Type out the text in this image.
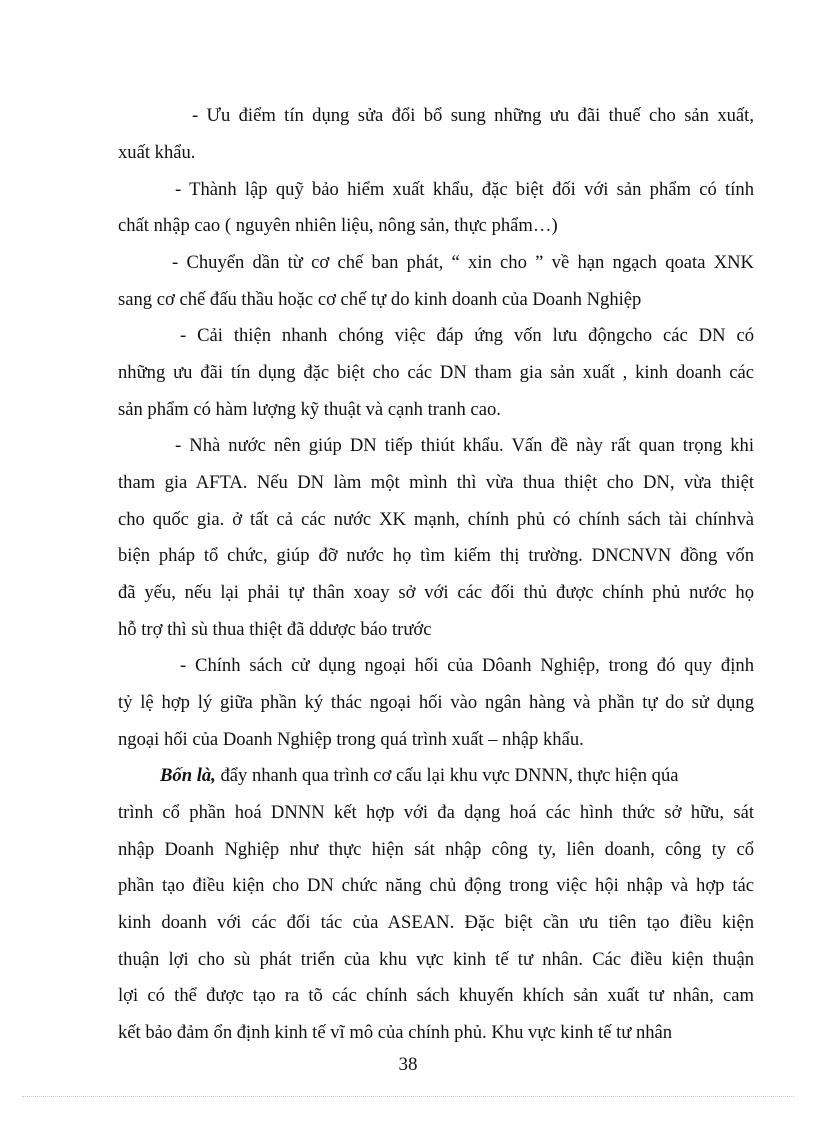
- Ưu điểm tín dụng sửa đổi bổ sung những ưu đãi thuế cho sản xuất,
xuất khẩu.
- Thành lập quỹ bảo hiểm xuất khẩu, đặc biệt đối với sản phẩm có tính
chất nhập cao ( nguyên nhiên liệu, nông sản, thực phẩm…)
- Chuyển dần từ cơ chế ban phát, “ xin cho ” về hạn ngạch qoata XNK
sang cơ chế đấu thầu hoặc cơ chế tự do kinh doanh của Doanh Nghiệp
- Cải thiện nhanh chóng việc đáp ứng vốn lưu độngcho các DN có
những ưu đãi tín dụng đặc biệt cho các DN tham gia sản xuất , kinh doanh các
sản phẩm có hàm lượng kỹ thuật và cạnh tranh cao.
- Nhà nước nên giúp DN tiếp thiút khẩu. Vấn đề này rất quan trọng khi
tham gia AFTA. Nếu DN làm một mình thì vừa thua thiệt cho DN, vừa thiệt
cho quốc gia. ở tất cả các nước XK mạnh, chính phủ có chính sách tài chínhvà
biện pháp tổ chức, giúp đỡ nước họ tìm kiếm thị trường. DNCNVN đồng vốn
đã yếu, nếu lại phải tự thân xoay sở với các đối thủ được chính phủ nước họ
hỗ trợ thì sù thua thiệt đã ddược báo trước
- Chính sách cử dụng ngoại hối của Dôanh Nghiệp, trong đó quy định
tỷ lệ hợp lý giữa phần ký thác ngoại hối vào ngân hàng và phần tự do sử dụng
ngoại hối của Doanh Nghiệp trong quá trình xuất – nhập khẩu.
Bốn là, đẩy nhanh qua trình cơ cấu lại khu vực DNNN, thực hiện qúa
trình cổ phần hoá DNNN kết hợp với đa dạng hoá các hình thức sở hữu, sát
nhập Doanh Nghiệp như thực hiện sát nhập công ty, liên doanh, công ty cổ
phần tạo điều kiện cho DN chức năng chủ động trong việc hội nhập và hợp tác
kinh doanh với các đối tác của ASEAN. Đặc biệt cần ưu tiên tạo điều kiện
thuận lợi cho sù phát triển của khu vực kinh tế tư nhân. Các điều kiện thuận
lợi có thể được tạo ra tõ các chính sách khuyến khích sản xuất tư nhân, cam
kết bảo đảm ổn định kinh tế vĩ mô của chính phủ. Khu vực kinh tế tư nhân
38
